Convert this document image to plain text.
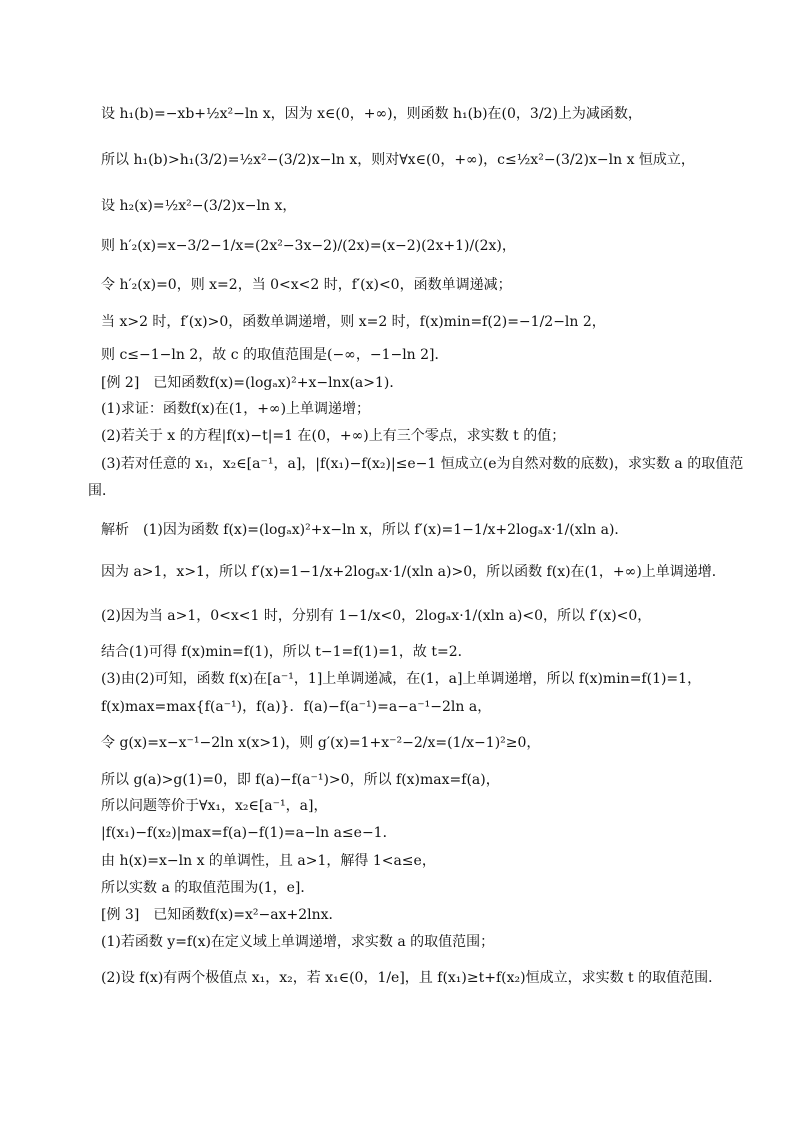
设 h₁(b)=−xb+½x²−ln x，因为 x∈(0，+∞)，则函数 h₁(b)在(0，3/2)上为减函数，
所以 h₁(b)>h₁(3/2)=½x²−(3/2)x−ln x，则对∀x∈(0，+∞)，c≤½x²−(3/2)x−ln x 恒成立，
设 h₂(x)=½x²−(3/2)x−ln x，
则 h′₂(x)=x−3/2−1/x=(2x²−3x−2)/(2x)=(x−2)(2x+1)/(2x)，
令 h′₂(x)=0，则 x=2，当 0<x<2 时，f′(x)<0，函数单调递减；
当 x>2 时，f′(x)>0，函数单调递增，则 x=2 时，f(x)min=f(2)=−1/2−ln 2，
则 c≤−1−ln 2，故 c 的取值范围是(−∞，−1−ln 2]．
[例 2]　已知函数f(x)=(logₐx)²+x−lnx(a>1)．
(1)求证：函数f(x)在(1，+∞)上单调递增；
(2)若关于 x 的方程|f(x)−t|=1 在(0，+∞)上有三个零点，求实数 t 的值；
(3)若对任意的 x₁，x₂∈[a⁻¹，a]，|f(x₁)−f(x₂)|≤e−1 恒成立(e为自然对数的底数)，求实数 a 的取值范
围．
解析　(1)因为函数 f(x)=(logₐx)²+x−ln x，所以 f′(x)=1−1/x+2logₐx·1/(xln a)．
因为 a>1，x>1，所以 f′(x)=1−1/x+2logₐx·1/(xln a)>0，所以函数 f(x)在(1，+∞)上单调递增．
(2)因为当 a>1，0<x<1 时，分别有 1−1/x<0，2logₐx·1/(xln a)<0，所以 f′(x)<0，
结合(1)可得 f(x)min=f(1)，所以 t−1=f(1)=1，故 t=2．
(3)由(2)可知，函数 f(x)在[a⁻¹，1]上单调递减，在(1，a]上单调递增，所以 f(x)min=f(1)=1，
f(x)max=max{f(a⁻¹)，f(a)}．f(a)−f(a⁻¹)=a−a⁻¹−2ln a，
令 g(x)=x−x⁻¹−2ln x(x>1)，则 g′(x)=1+x⁻²−2/x=(1/x−1)²≥0，
所以 g(a)>g(1)=0，即 f(a)−f(a⁻¹)>0，所以 f(x)max=f(a)，
所以问题等价于∀x₁，x₂∈[a⁻¹，a]，
|f(x₁)−f(x₂)|max=f(a)−f(1)=a−ln a≤e−1．
由 h(x)=x−ln x 的单调性，且 a>1，解得 1<a≤e，
所以实数 a 的取值范围为(1，e]．
[例 3]　已知函数f(x)=x²−ax+2lnx．
(1)若函数 y=f(x)在定义域上单调递增，求实数 a 的取值范围；
(2)设 f(x)有两个极值点 x₁，x₂，若 x₁∈(0，1/e]，且 f(x₁)≥t+f(x₂)恒成立，求实数 t 的取值范围．
